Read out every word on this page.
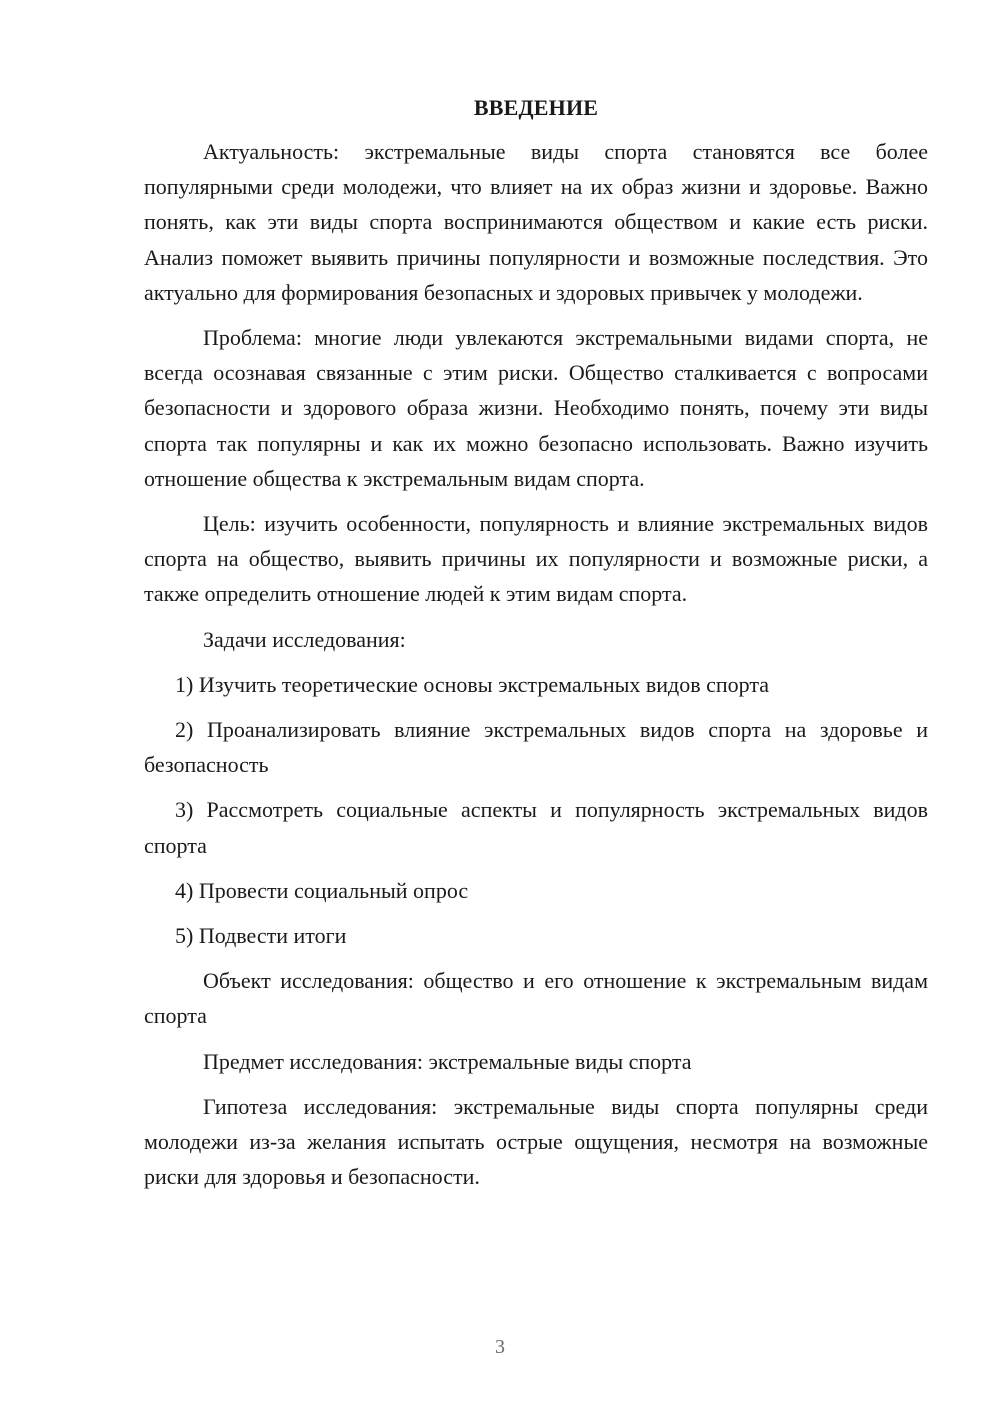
ВВЕДЕНИЕ

Актуальность: экстремальные виды спорта становятся все более популярными среди молодежи, что влияет на их образ жизни и здоровье. Важно понять, как эти виды спорта воспринимаются обществом и какие есть риски. Анализ поможет выявить причины популярности и возможные последствия. Это актуально для формирования безопасных и здоровых привычек у молодежи.

Проблема: многие люди увлекаются экстремальными видами спорта, не всегда осознавая связанные с этим риски. Общество сталкивается с вопросами безопасности и здорового образа жизни. Необходимо понять, почему эти виды спорта так популярны и как их можно безопасно использовать. Важно изучить отношение общества к экстремальным видам спорта.

Цель: изучить особенности, популярность и влияние экстремальных видов спорта на общество, выявить причины их популярности и возможные риски, а также определить отношение людей к этим видам спорта.

Задачи исследования:

1) Изучить теоретические основы экстремальных видов спорта

2) Проанализировать влияние экстремальных видов спорта на здоровье и безопасность

3) Рассмотреть социальные аспекты и популярность экстремальных видов спорта

4) Провести социальный опрос

5) Подвести итоги

Объект исследования: общество и его отношение к экстремальным видам спорта

Предмет исследования: экстремальные виды спорта

Гипотеза исследования: экстремальные виды спорта популярны среди молодежи из-за желания испытать острые ощущения, несмотря на возможные риски для здоровья и безопасности.

3
